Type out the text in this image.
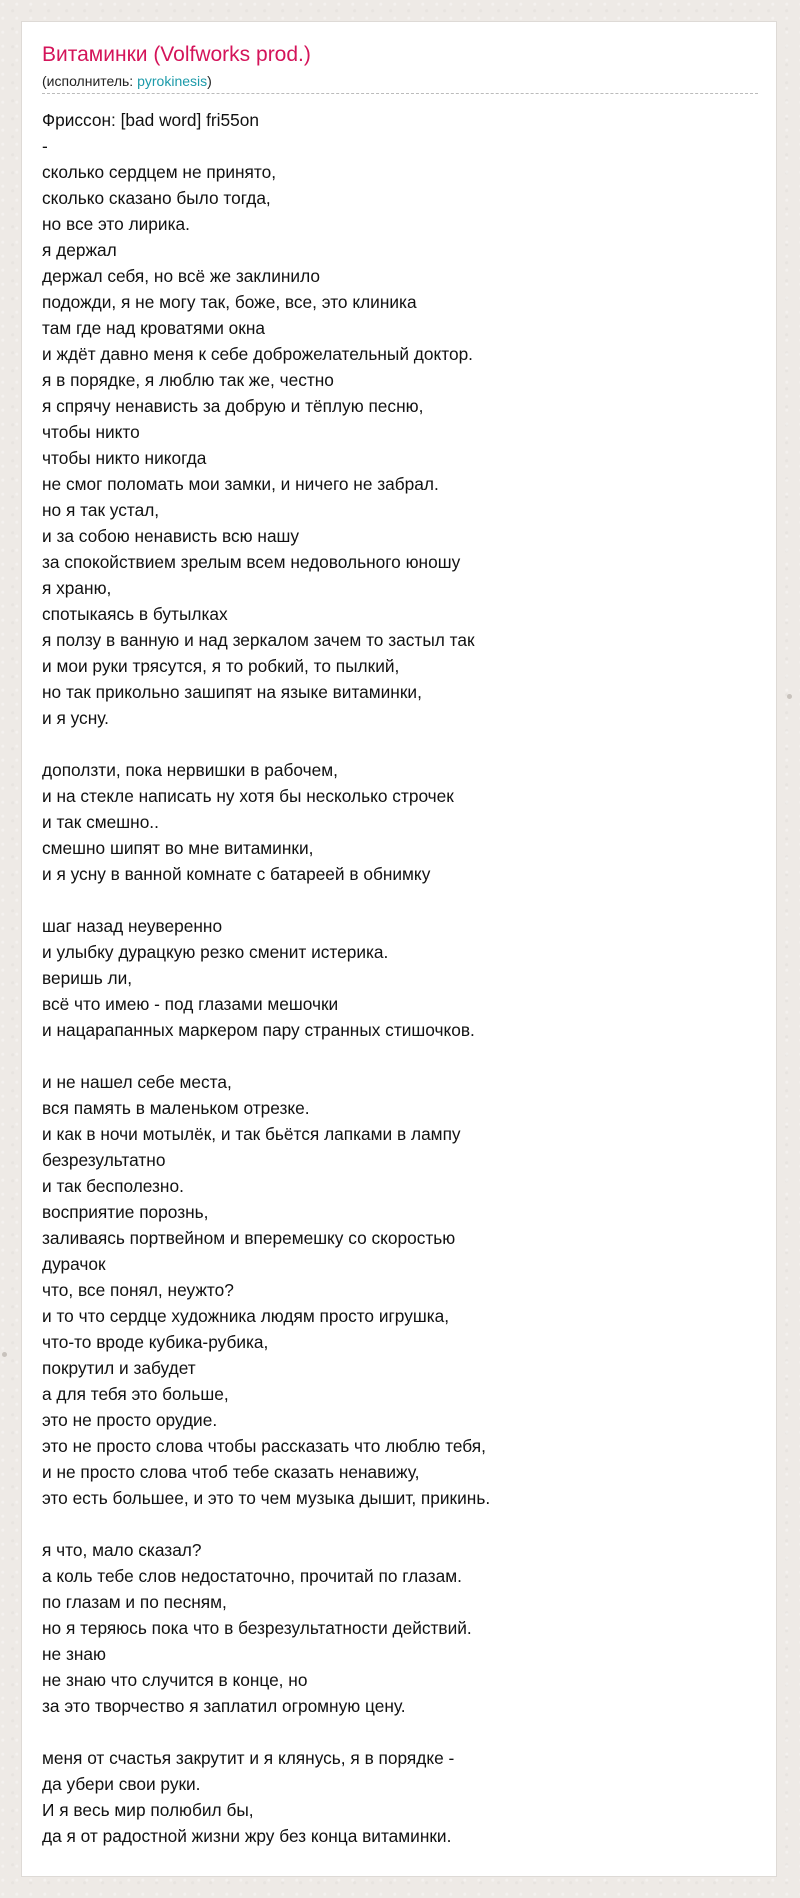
Витаминки (Volfworks prod.)
(исполнитель: pyrokinesis)
Фриссон: [bad word] fri55on
-
сколько сердцем не принято,
сколько сказано было тогда,
но все это лирика.
я держал
держал себя, но всё же заклинило
подожди, я не могу так, боже, все, это клиника
там где над кроватями окна
и ждёт давно меня к себе доброжелательный доктор.
я в порядке, я люблю так же, честно
я спрячу ненависть за добрую и тёплую песню,
чтобы никто
чтобы никто никогда
не смог поломать мои замки, и ничего не забрал.
но я так устал,
и за собою ненависть всю нашу
за спокойствием зрелым всем недовольного юношу
я храню,
спотыкаясь в бутылках
я ползу в ванную и над зеркалом зачем то застыл так
и мои руки трясутся, я то робкий, то пылкий,
но так прикольно зашипят на языке витаминки,
и я усну.

доползти, пока нервишки в рабочем,
и на стекле написать ну хотя бы несколько строчек
и так смешно..
смешно шипят во мне витаминки,
и я усну в ванной комнате с батареей в обнимку

шаг назад неуверенно
и улыбку дурацкую резко сменит истерика.
веришь ли,
всё что имею - под глазами мешочки
и нацарапанных маркером пару странных стишочков.

и не нашел себе места,
вся память в маленьком отрезке.
и как в ночи мотылёк, и так бьётся лапками в лампу
безрезультатно
и так бесполезно.
восприятие порознь,
заливаясь портвейном и вперемешку со скоростью
дурачок
что, все понял, неужто?
и то что сердце художника людям просто игрушка,
что-то вроде кубика-рубика,
покрутил и забудет
а для тебя это больше,
это не просто орудие.
это не просто слова чтобы рассказать что люблю тебя,
и не просто слова чтоб тебе сказать ненавижу,
это есть большее, и это то чем музыка дышит, прикинь.

я что, мало сказал?
а коль тебе слов недостаточно, прочитай по глазам.
по глазам и по песням,
но я теряюсь пока что в безрезультатности действий.
не знаю
не знаю что случится в конце, но
за это творчество я заплатил огромную цену.

меня от счастья закрутит и я клянусь, я в порядке -
да убери свои руки.
И я весь мир полюбил бы,
да я от радостной жизни жру без конца витаминки.
